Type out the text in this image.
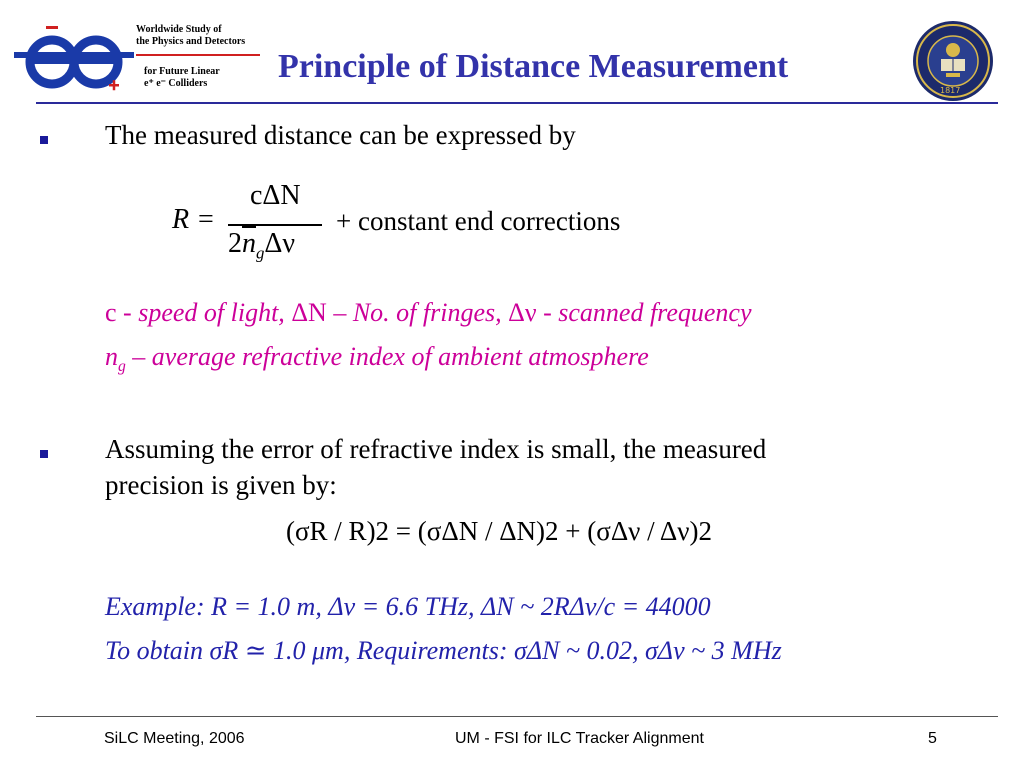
Worldwide Study of
the Physics and Detectors
for Future Linear
e⁺ e⁻ Colliders	Principle of Distance Measurement
1817
The measured distance can be expressed by
R =
cΔN
$2\overline{n}_g\Delta\nu$
+ constant end corrections
c - speed of light, ΔN – No. of fringes, Δν - scanned frequency
$n_g$ – average refractive index of ambient atmosphere
Assuming the error of refractive index is small, the measured
precision is given by:
(σR / R)2 = (σΔN / ΔN)2 + (σΔν / Δν)2
Example: R = 1.0 m, Δν = 6.6 THz, ΔN ~ 2RΔν/c = 44000
To obtain σR ≃ 1.0 μm, Requirements: σΔN ~ 0.02, σΔν ~ 3 MHz
SiLC Meeting, 2006	UM - FSI for ILC Tracker Alignment	5
